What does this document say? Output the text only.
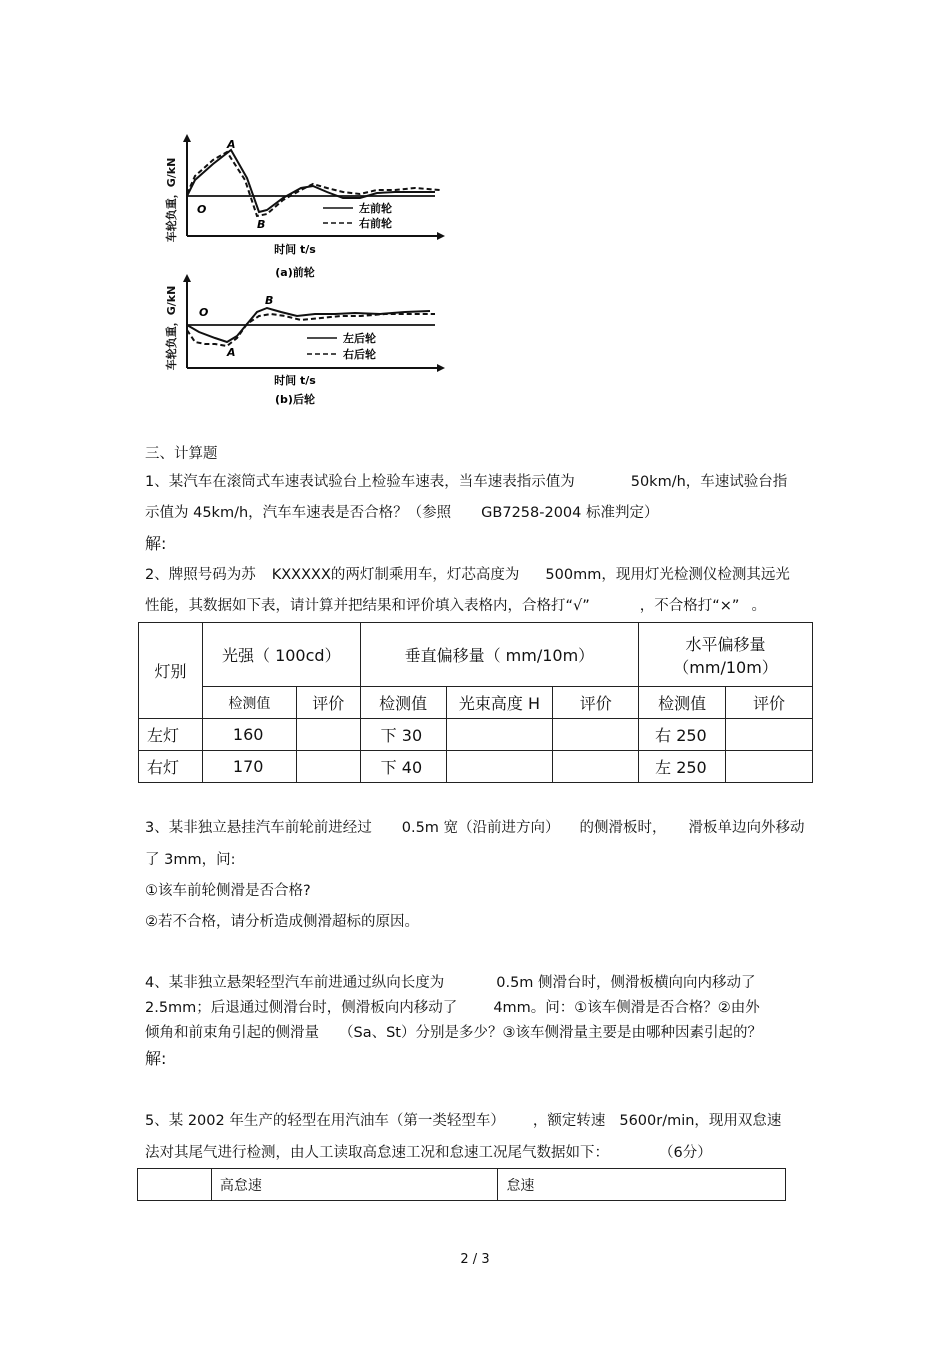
车轮负重，G/kN
A
O
B
左前轮
右前轮
时间 t/s
(a)前轮
车轮负重，G/kN O
B
A
左后轮
右后轮
时间 t/s
(b)后轮
三、计算题
1、某汽车在滚筒式车速表试验台上检验车速表，当车速表指示值为	50km/h，车速试验台指
示值为 45km/h，汽车车速表是否合格？（参照 GB7258-2004 标准判定）
解:
2、牌照号码为苏 KXXXXX的两灯制乘用车，灯芯高度为 500mm，现用灯光检测仪检测其远光
性能，其数据如下表，请计算并把结果和评价填入表格内，合格打“√”	，不合格打“×” 。
灯别	光强（ 100cd）		垂直偏移量（ mm/10m）			水平偏移量
（mm/10m）	

	检测值	评价	检测值	光束高度 H	评价	检测值	评价
左灯	160		下 30			右 250	
右灯	170		下 40			左 250	
3、某非独立悬挂汽车前轮前进经过 0.5m 宽（沿前进方向） 的侧滑板时， 滑板单边向外移动
了 3mm，问:
①该车前轮侧滑是否合格?
②若不合格，请分析造成侧滑超标的原因。
4、某非独立悬架轻型汽车前进通过纵向长度为	0.5m 侧滑台时，侧滑板横向向内移动了
2.5mm；后退通过侧滑台时，侧滑板向内移动了 4mm。问：①该车侧滑是否合格？②由外
倾角和前束角引起的侧滑量 （Sa、St）分别是多少？③该车侧滑量主要是由哪种因素引起的？
解:
5、某 2002 年生产的轻型在用汽油车（第一类轻型车） ，额定转速 5600r/min，现用双怠速
法对其尾气进行检测，由人工读取高怠速工况和怠速工况尾气数据如下：	（6分）
	高怠速	怠速
2 / 3
